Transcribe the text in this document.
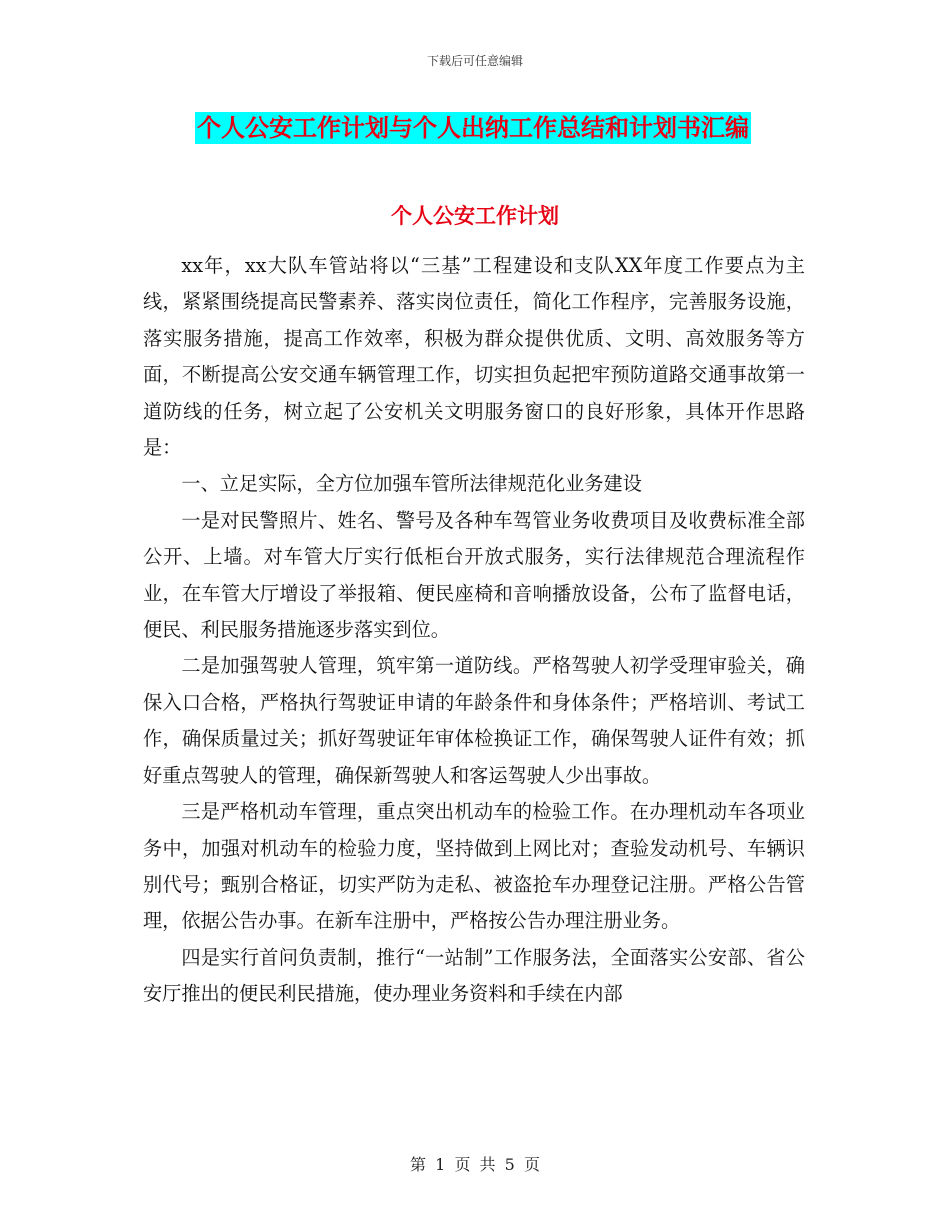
下载后可任意编辑
个人公安工作计划与个人出纳工作总结和计划书汇编
个人公安工作计划

xx年，xx大队车管站将以“三基”工程建设和支队XX年度工作要点为主线，紧紧围绕提高民警素养、落实岗位责任，简化工作程序，完善服务设施，落实服务措施，提高工作效率，积极为群众提供优质、文明、高效服务等方面，不断提高公安交通车辆管理工作，切实担负起把牢预防道路交通事故第一道防线的任务，树立起了公安机关文明服务窗口的良好形象，具体开作思路是：

一、立足实际，全方位加强车管所法律规范化业务建设

一是对民警照片、姓名、警号及各种车驾管业务收费项目及收费标准全部公开、上墙。对车管大厅实行低柜台开放式服务，实行法律规范合理流程作业，在车管大厅增设了举报箱、便民座椅和音响播放设备，公布了监督电话，便民、利民服务措施逐步落实到位。

二是加强驾驶人管理，筑牢第一道防线。严格驾驶人初学受理审验关，确保入口合格，严格执行驾驶证申请的年龄条件和身体条件；严格培训、考试工作，确保质量过关；抓好驾驶证年审体检换证工作，确保驾驶人证件有效；抓好重点驾驶人的管理，确保新驾驶人和客运驾驶人少出事故。

三是严格机动车管理，重点突出机动车的检验工作。在办理机动车各项业务中，加强对机动车的检验力度，坚持做到上网比对；查验发动机号、车辆识别代号；甄别合格证，切实严防为走私、被盗抢车办理登记注册。严格公告管理，依据公告办事。在新车注册中，严格按公告办理注册业务。

四是实行首问负责制，推行“一站制”工作服务法，全面落实公安部、省公安厅推出的便民利民措施，使办理业务资料和手续在内部

第 1 页 共 5 页
